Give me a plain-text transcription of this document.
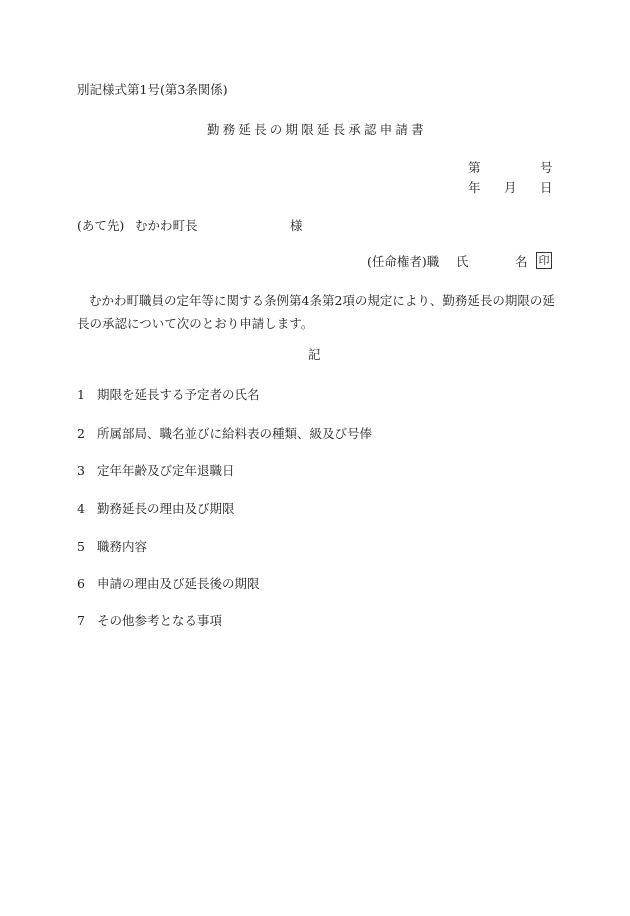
別記様式第1号(第3条関係)
勤務延長の期限延長承認申請書
第	号
年 月 日
(あて先) むかわ町長	様
(任命権者)職 氏	名 印
むかわ町職員の定年等に関する条例第4条第2項の規定により、勤務延長の期限の延長の承認について次のとおり申請します。
記
1 期限を延長する予定者の氏名
2 所属部局、職名並びに給料表の種類、級及び号俸
3 定年年齢及び定年退職日
4 勤務延長の理由及び期限
5 職務内容
6 申請の理由及び延長後の期限
7 その他参考となる事項
